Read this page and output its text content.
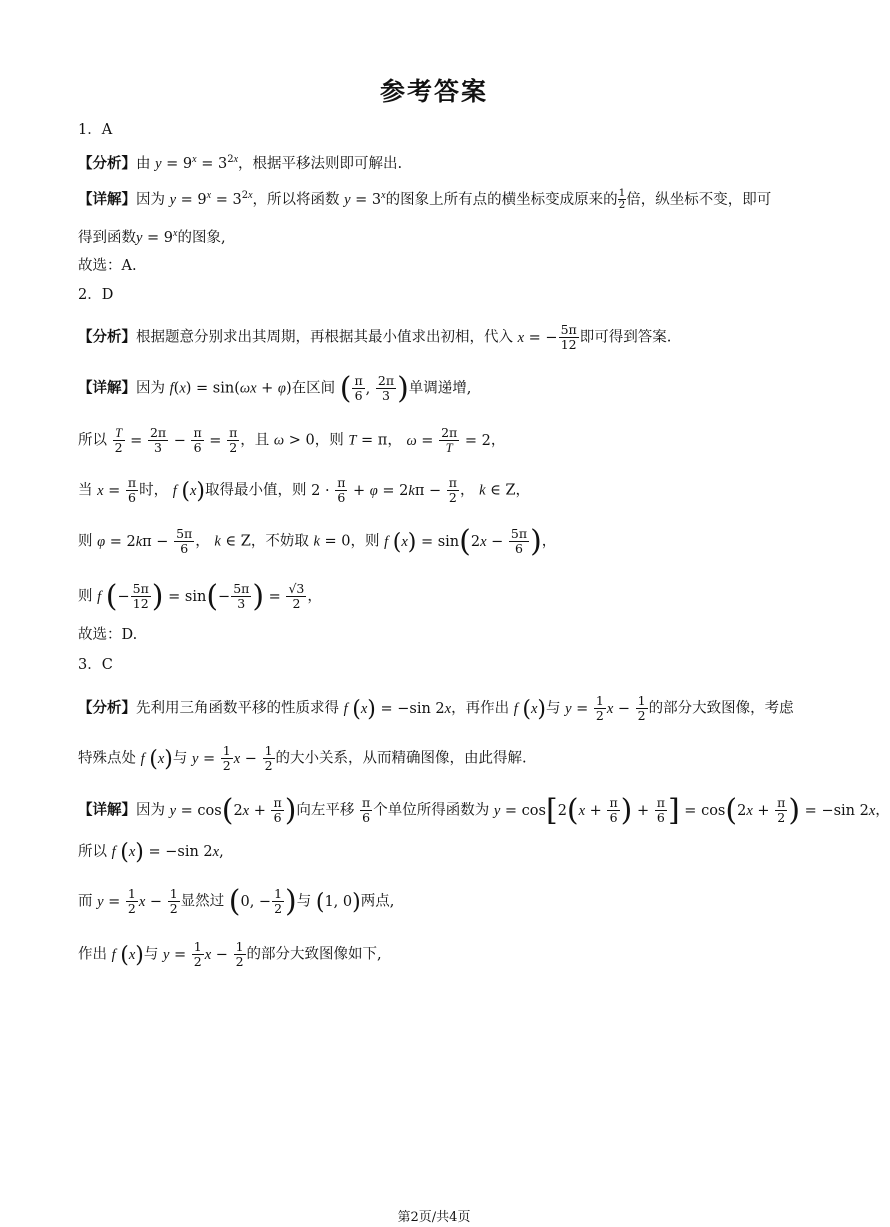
参考答案
1．A
【分析】由 $y = 9^x = 3^{2x}$，根据平移法则即可解出.
【详解】因为 $y = 9^x = 3^{2x}$，所以将函数 $y = 3^x$的图象上所有点的横坐标变成原来的 $\frac{1}{2}$ 倍，纵坐标不变，即可
得到函数$y = 9^x$的图象,
故选：A.
2．D
【分析】根据题意分别求出其周期，再根据其最小值求出初相，代入 x = − $\frac{5\pi}{12}$ 即可得到答案.
【详解】因为 f(x) = sin(ωx + φ)在区间 ( $\frac{\pi}{6}$ , $\frac{2\pi}{3}$ )单调递增,
所以 $\frac{T}{2} = \frac{2\pi}{3} - \frac{\pi}{6} = \frac{\pi}{2}$ ，且 ω > 0，则 T = π， $\omega = \frac{2\pi}{T} = 2$，
当 $x = \frac{\pi}{6}$ 时， f (x)取得最小值，则 $2 \cdot \frac{\pi}{6} + \varphi = 2k\pi - \frac{\pi}{2}$ ， k ∈ Z，
则 $\varphi = 2k\pi - \frac{5\pi}{6}$ ， k ∈ Z，不妨取 k = 0，则 f $(x) = \sin(2x - \frac{5\pi}{6}$ )，
则 f (− $\frac{5\pi}{12}$ ) = $\sin(- \frac{5\pi}{3}$ ) = $\frac{√3}{2}$ ，
故选：D.
3．C
【分析】先利用三角函数平移的性质求得 f (x) = −sin 2x，再作出 f (x)与 $y = \frac{1}{2}$ $x - \frac{1}{2}$ 的部分大致图像，考虑
特殊点处 f (x)与 $y = \frac{1}{2}$ $x - \frac{1}{2}$ 的大小关系，从而精确图像，由此得解.
【详解】因为 $y = \cos(2x + \frac{\pi}{6}$ )向左平移 $\frac{\pi}{6}$ 个单位所得函数为 $y = \cos[2(x + \frac{\pi}{6}$ ) + $\frac{\pi}{6}$ ] = $\cos(2x + \frac{\pi}{2}$ ) = −sin 2x，
所以 f (x) = −sin 2x,
而 $y = \frac{1}{2}$ $x - \frac{1}{2}$ 显然过 (0, − $\frac{1}{2}$ )与 (1, 0)两点,
作出 f (x)与 $y = \frac{1}{2}$ $x - \frac{1}{2}$ 的部分大致图像如下,
第2页/共4页
